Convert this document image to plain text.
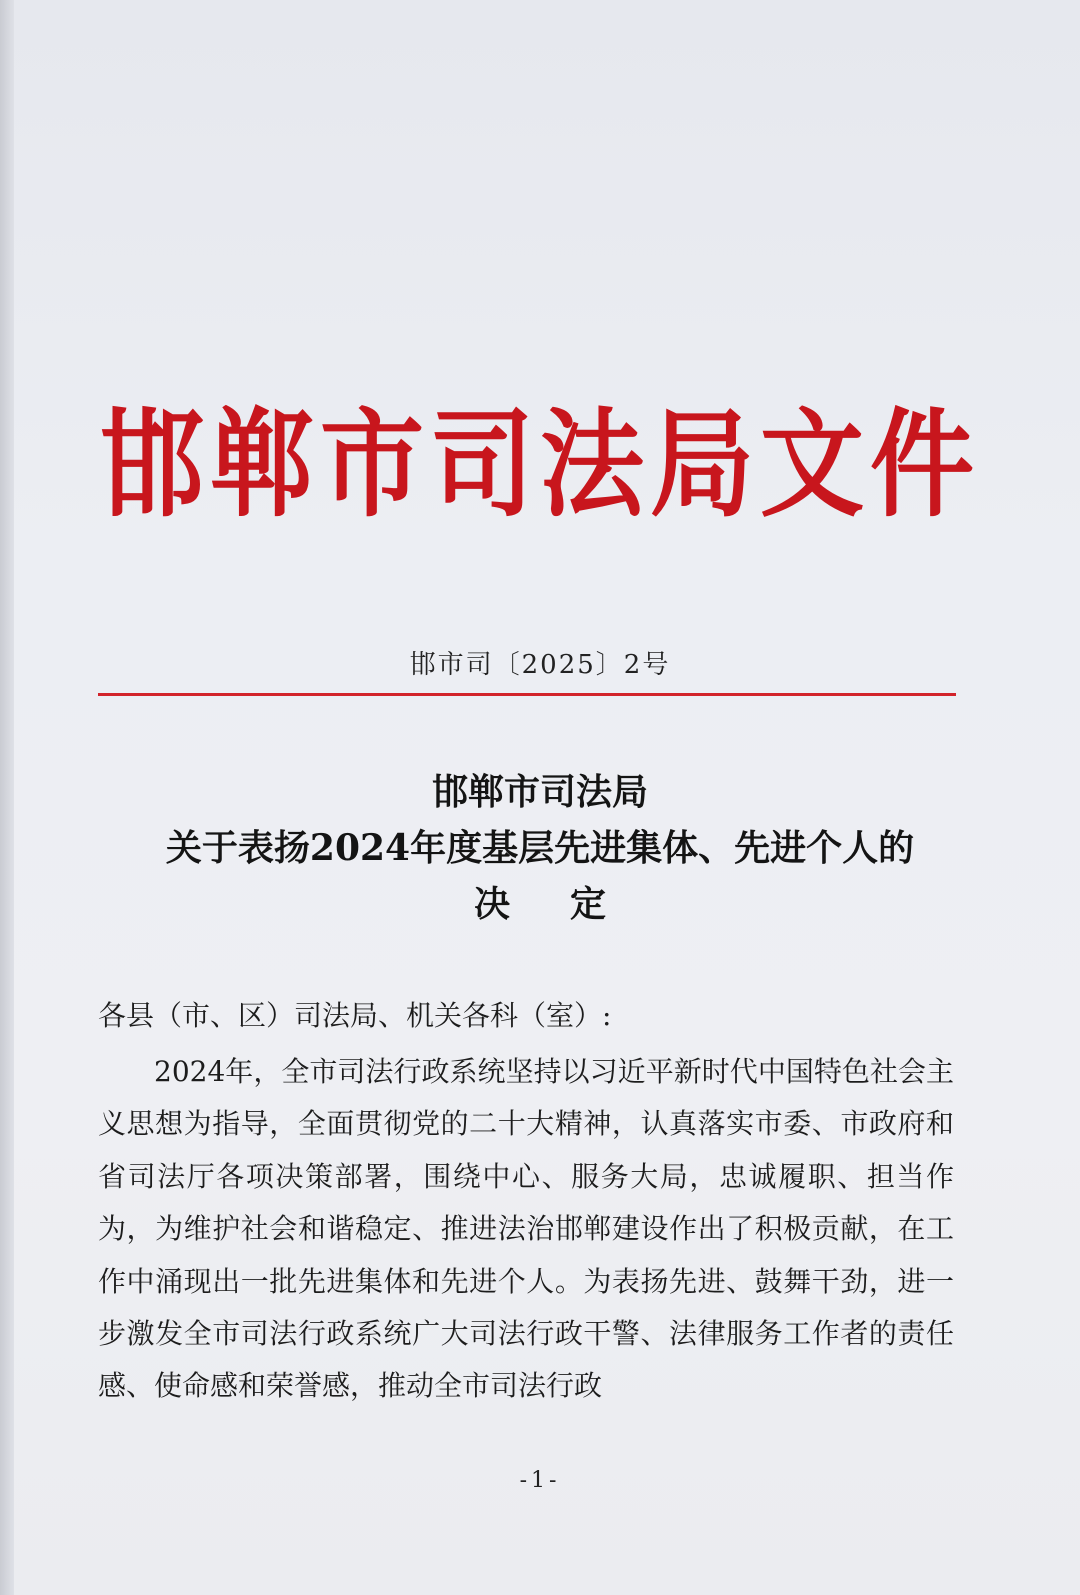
邯郸市司法局文件
邯市司〔2025〕2号
邯郸市司法局
关于表扬2024年度基层先进集体、先进个人的
决定
各县（市、区）司法局、机关各科（室）:
2024年，全市司法行政系统坚持以习近平新时代中国特色社会主义思想为指导，全面贯彻党的二十大精神，认真落实市委、市政府和省司法厅各项决策部署，围绕中心、服务大局，忠诚履职、担当作为，为维护社会和谐稳定、推进法治邯郸建设作出了积极贡献，在工作中涌现出一批先进集体和先进个人。为表扬先进、鼓舞干劲，进一步激发全市司法行政系统广大司法行政干警、法律服务工作者的责任感、使命感和荣誉感，推动全市司法行政
-1-
